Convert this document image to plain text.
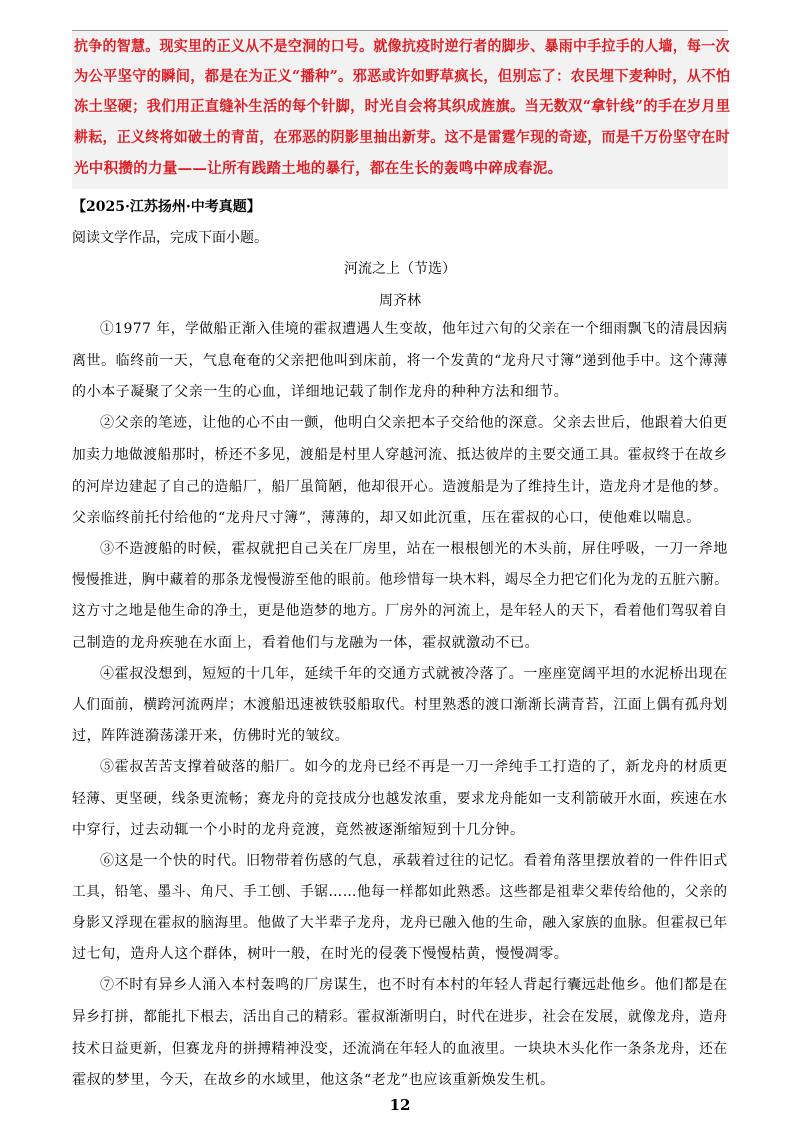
抗争的智慧。现实里的正义从不是空洞的口号。就像抗疫时逆行者的脚步、暴雨中手拉手的人墙，每一次
为公平坚守的瞬间，都是在为正义“播种”。邪恶或许如野草疯长，但别忘了：农民埋下麦种时，从不怕
冻土坚硬；我们用正直缝补生活的每个针脚，时光自会将其织成旌旗。当无数双“拿针线”的手在岁月里
耕耘，正义终将如破土的青苗，在邪恶的阴影里抽出新芽。这不是雷霆乍现的奇迹，而是千万份坚守在时
光中积攒的力量——让所有践踏土地的暴行，都在生长的轰鸣中碎成春泥。
【2025·江苏扬州·中考真题】
阅读文学作品，完成下面小题。
河流之上（节选）
周齐林
①1977 年，学做船正渐入佳境的霍叔遭遇人生变故，他年过六旬的父亲在一个细雨飘飞的清晨因病
离世。临终前一天，气息奄奄的父亲把他叫到床前，将一个发黄的“龙舟尺寸簿”递到他手中。这个薄薄
的小本子凝聚了父亲一生的心血，详细地记载了制作龙舟的种种方法和细节。
②父亲的笔迹，让他的心不由一颤，他明白父亲把本子交给他的深意。父亲去世后，他跟着大伯更
加卖力地做渡船那时，桥还不多见，渡船是村里人穿越河流、抵达彼岸的主要交通工具。霍叔终于在故乡
的河岸边建起了自己的造船厂，船厂虽简陋，他却很开心。造渡船是为了维持生计，造龙舟才是他的梦。
父亲临终前托付给他的“龙舟尺寸簿”，薄薄的，却又如此沉重，压在霍叔的心口，使他难以喘息。
③不造渡船的时候，霍叔就把自己关在厂房里，站在一根根刨光的木头前，屏住呼吸，一刀一斧地
慢慢推进，胸中藏着的那条龙慢慢游至他的眼前。他珍惜每一块木料，竭尽全力把它们化为龙的五脏六腑。
这方寸之地是他生命的净土，更是他造梦的地方。厂房外的河流上，是年轻人的天下，看着他们驾驭着自
己制造的龙舟疾驰在水面上，看着他们与龙融为一体，霍叔就激动不已。
④霍叔没想到，短短的十几年，延续千年的交通方式就被冷落了。一座座宽阔平坦的水泥桥出现在
人们面前，横跨河流两岸；木渡船迅速被铁驳船取代。村里熟悉的渡口渐渐长满青苔，江面上偶有孤舟划
过，阵阵涟漪荡漾开来，仿佛时光的皱纹。
⑤霍叔苦苦支撑着破落的船厂。如今的龙舟已经不再是一刀一斧纯手工打造的了，新龙舟的材质更
轻薄、更坚硬，线条更流畅；赛龙舟的竞技成分也越发浓重，要求龙舟能如一支利箭破开水面，疾速在水
中穿行，过去动辄一个小时的龙舟竞渡，竟然被逐渐缩短到十几分钟。
⑥这是一个快的时代。旧物带着伤感的气息，承载着过往的记忆。看着角落里摆放着的一件件旧式
工具，铅笔、墨斗、角尺、手工刨、手锯……他每一样都如此熟悉。这些都是祖辈父辈传给他的，父亲的
身影又浮现在霍叔的脑海里。他做了大半辈子龙舟，龙舟已融入他的生命，融入家族的血脉。但霍叔已年
过七旬，造舟人这个群体，树叶一般，在时光的侵袭下慢慢枯黄，慢慢凋零。
⑦不时有异乡人涌入本村轰鸣的厂房谋生，也不时有本村的年轻人背起行囊远赴他乡。他们都是在
异乡打拼，都能扎下根去，活出自己的精彩。霍叔渐渐明白，时代在进步，社会在发展，就像龙舟，造舟
技术日益更新，但赛龙舟的拼搏精神没变，还流淌在年轻人的血液里。一块块木头化作一条条龙舟，还在
霍叔的梦里，今天，在故乡的水域里，他这条“老龙”也应该重新焕发生机。
12
